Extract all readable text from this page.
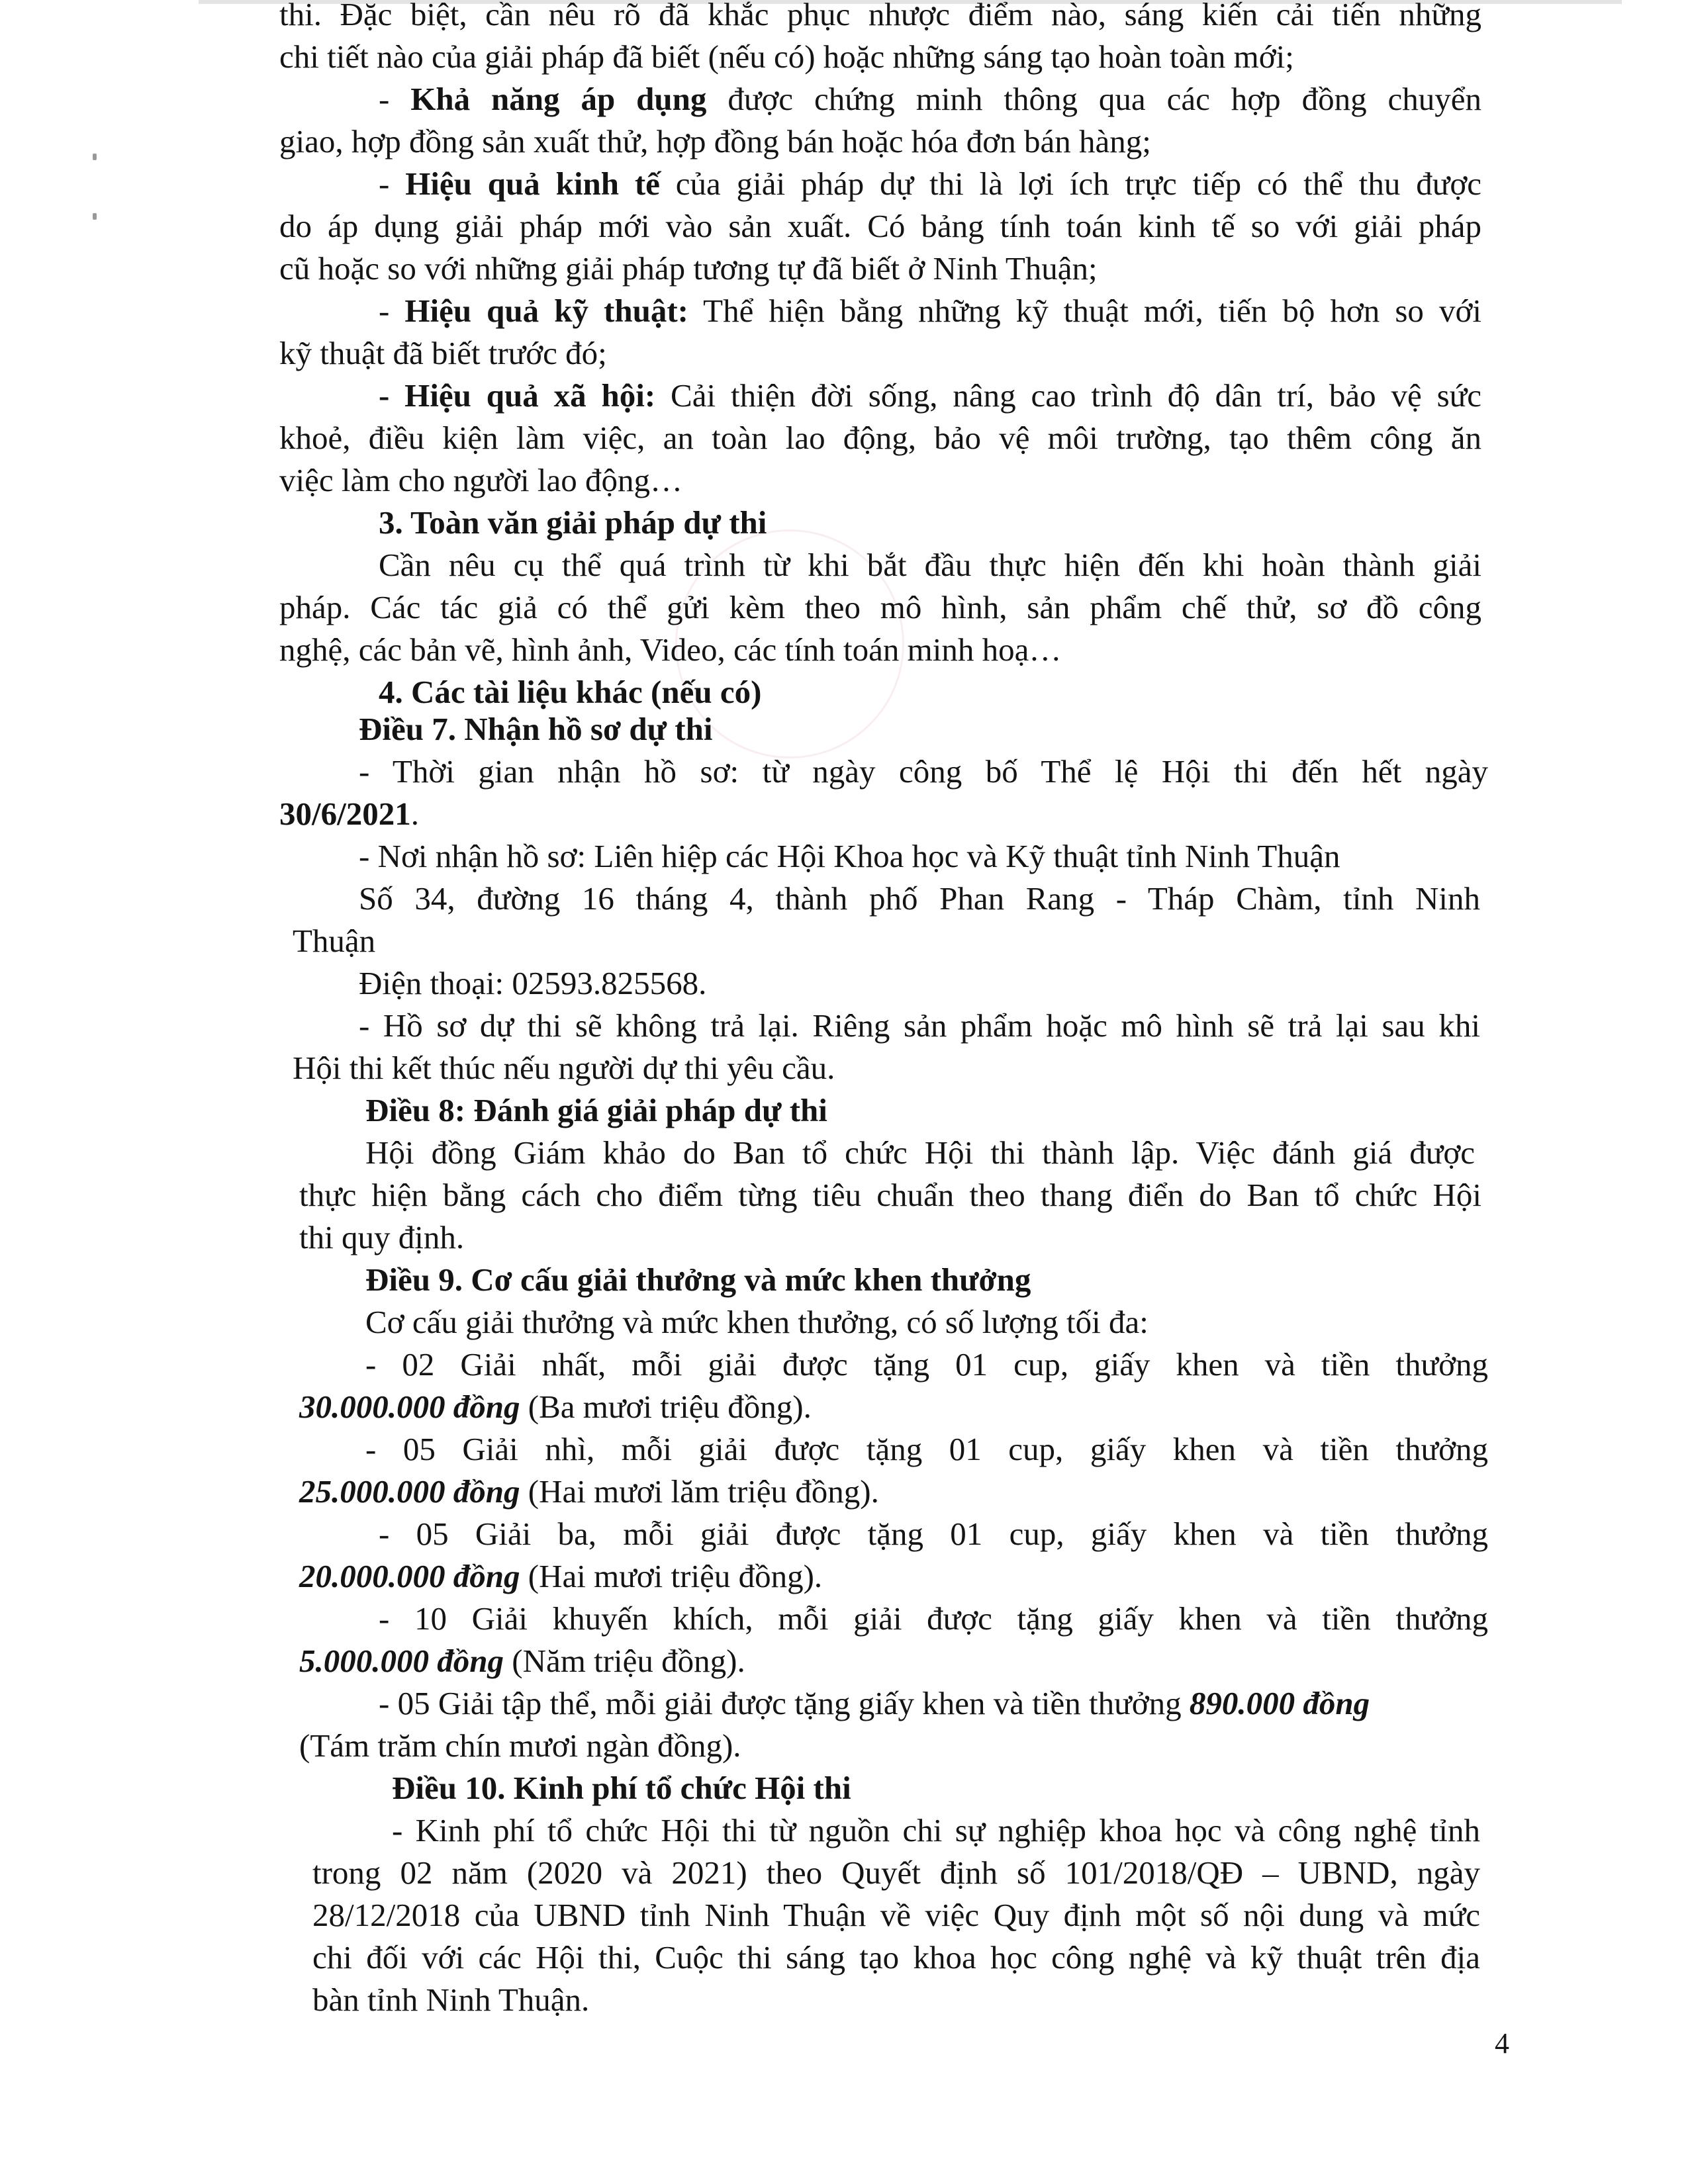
thi. Đặc biệt, cần nêu rõ đã khắc phục nhược điểm nào, sáng kiến cải tiến những
chi tiết nào của giải pháp đã biết (nếu có) hoặc những sáng tạo hoàn toàn mới;
- Khả năng áp dụng được chứng minh thông qua các hợp đồng chuyển
giao, hợp đồng sản xuất thử, hợp đồng bán hoặc hóa đơn bán hàng;
- Hiệu quả kinh tế của giải pháp dự thi là lợi ích trực tiếp có thể thu được
do áp dụng giải pháp mới vào sản xuất. Có bảng tính toán kinh tế so với giải pháp
cũ hoặc so với những giải pháp tương tự đã biết ở Ninh Thuận;
- Hiệu quả kỹ thuật: Thể hiện bằng những kỹ thuật mới, tiến bộ hơn so với
kỹ thuật đã biết trước đó;
- Hiệu quả xã hội: Cải thiện đời sống, nâng cao trình độ dân trí, bảo vệ sức
khoẻ, điều kiện làm việc, an toàn lao động, bảo vệ môi trường, tạo thêm công ăn
việc làm cho người lao động…
3. Toàn văn giải pháp dự thi
Cần nêu cụ thể quá trình từ khi bắt đầu thực hiện đến khi hoàn thành giải
pháp. Các tác giả có thể gửi kèm theo mô hình, sản phẩm chế thử, sơ đồ công
nghệ, các bản vẽ, hình ảnh, Video, các tính toán minh hoạ…
4. Các tài liệu khác (nếu có)
Điều 7. Nhận hồ sơ dự thi
- Thời gian nhận hồ sơ: từ ngày công bố Thể lệ Hội thi đến hết ngày
30/6/2021.
- Nơi nhận hồ sơ: Liên hiệp các Hội Khoa học và Kỹ thuật tỉnh Ninh Thuận
Số 34, đường 16 tháng 4, thành phố Phan Rang - Tháp Chàm, tỉnh Ninh
Thuận
Điện thoại: 02593.825568.
- Hồ sơ dự thi sẽ không trả lại. Riêng sản phẩm hoặc mô hình sẽ trả lại sau khi
Hội thi kết thúc nếu người dự thi yêu cầu.
Điều 8: Đánh giá giải pháp dự thi
Hội đồng Giám khảo do Ban tổ chức Hội thi thành lập. Việc đánh giá được
thực hiện bằng cách cho điểm từng tiêu chuẩn theo thang điển do Ban tổ chức Hội
thi quy định.
Điều 9. Cơ cấu giải thưởng và mức khen thưởng
Cơ cấu giải thưởng và mức khen thưởng, có số lượng tối đa:
- 02 Giải nhất, mỗi giải được tặng 01 cup, giấy khen và tiền thưởng
30.000.000 đồng (Ba mươi triệu đồng).
- 05 Giải nhì, mỗi giải được tặng 01 cup, giấy khen và tiền thưởng
25.000.000 đồng (Hai mươi lăm triệu đồng).
- 05 Giải ba, mỗi giải được tặng 01 cup, giấy khen và tiền thưởng
20.000.000 đồng (Hai mươi triệu đồng).
- 10 Giải khuyến khích, mỗi giải được tặng giấy khen và tiền thưởng
5.000.000 đồng (Năm triệu đồng).
- 05 Giải tập thể, mỗi giải được tặng giấy khen và tiền thưởng 890.000 đồng
(Tám trăm chín mươi ngàn đồng).
Điều 10. Kinh phí tổ chức Hội thi
- Kinh phí tổ chức Hội thi từ nguồn chi sự nghiệp khoa học và công nghệ tỉnh
trong 02 năm (2020 và 2021) theo Quyết định số 101/2018/QĐ – UBND, ngày
28/12/2018 của UBND tỉnh Ninh Thuận về việc Quy định một số nội dung và mức
chi đối với các Hội thi, Cuộc thi sáng tạo khoa học công nghệ và kỹ thuật trên địa
bàn tỉnh Ninh Thuận.
4
